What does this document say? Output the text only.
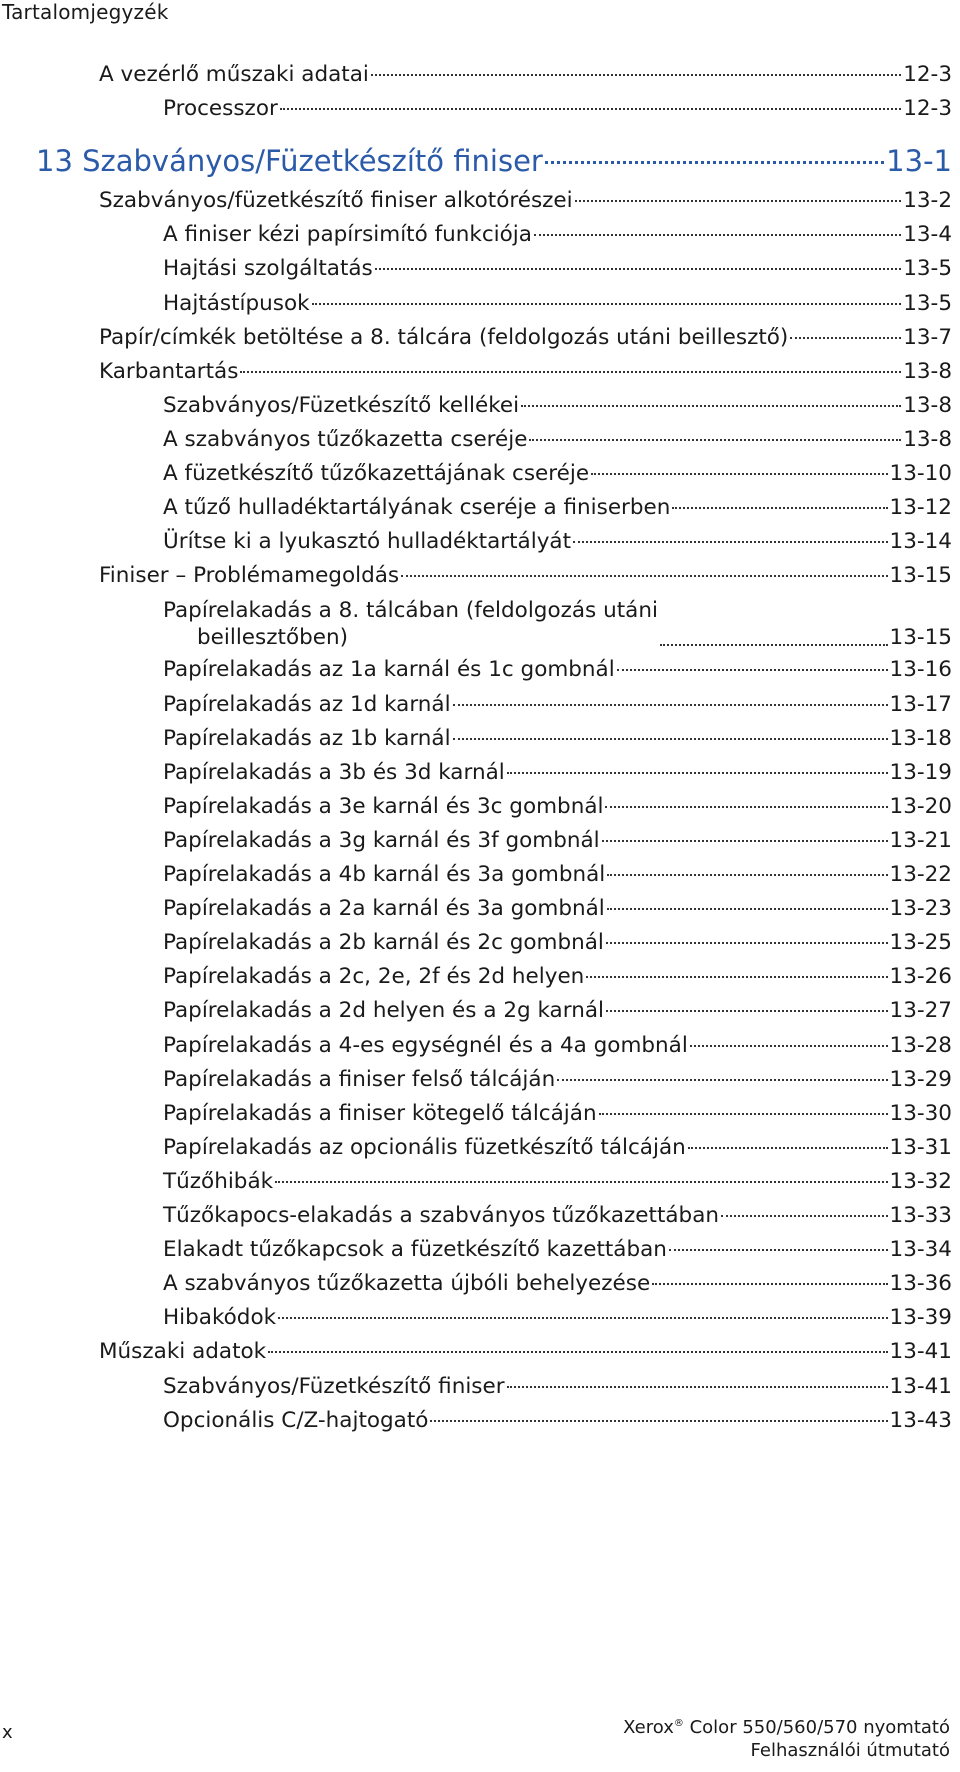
Tartalomjegyzék
A vezérlő műszaki adatai	12-3
Processzor	12-3
13 Szabványos/Füzetkészítő finiser	13-1
Szabványos/füzetkészítő finiser alkotórészei	13-2
A finiser kézi papírsimító funkciója	13-4
Hajtási szolgáltatás	13-5
Hajtástípusok	13-5
Papír/címkék betöltése a 8. tálcára (feldolgozás utáni beillesztő)	13-7
Karbantartás	13-8
Szabványos/Füzetkészítő kellékei	13-8
A szabványos tűzőkazetta cseréje	13-8
A füzetkészítő tűzőkazettájának cseréje	13-10
A tűző hulladéktartályának cseréje a finiserben	13-12
Ürítse ki a lyukasztó hulladéktartályát	13-14
Finiser – Problémamegoldás	13-15
Papírelakadás a 8. tálcában (feldolgozás utáni
beillesztőben)	13-15
Papírelakadás az 1a karnál és 1c gombnál	13-16
Papírelakadás az 1d karnál	13-17
Papírelakadás az 1b karnál	13-18
Papírelakadás a 3b és 3d karnál	13-19
Papírelakadás a 3e karnál és 3c gombnál	13-20
Papírelakadás a 3g karnál és 3f gombnál	13-21
Papírelakadás a 4b karnál és 3a gombnál	13-22
Papírelakadás a 2a karnál és 3a gombnál	13-23
Papírelakadás a 2b karnál és 2c gombnál	13-25
Papírelakadás a 2c, 2e, 2f és 2d helyen	13-26
Papírelakadás a 2d helyen és a 2g karnál	13-27
Papírelakadás a 4-es egységnél és a 4a gombnál	13-28
Papírelakadás a finiser felső tálcáján	13-29
Papírelakadás a finiser kötegelő tálcáján	13-30
Papírelakadás az opcionális füzetkészítő tálcáján	13-31
Tűzőhibák	13-32
Tűzőkapocs-elakadás a szabványos tűzőkazettában	13-33
Elakadt tűzőkapcsok a füzetkészítő kazettában	13-34
A szabványos tűzőkazetta újbóli behelyezése	13-36
Hibakódok	13-39
Műszaki adatok	13-41
Szabványos/Füzetkészítő finiser	13-41
Opcionális C/Z-hajtogató	13-43
x	Xerox® Color 550/560/570 nyomtató
Felhasználói útmutató
